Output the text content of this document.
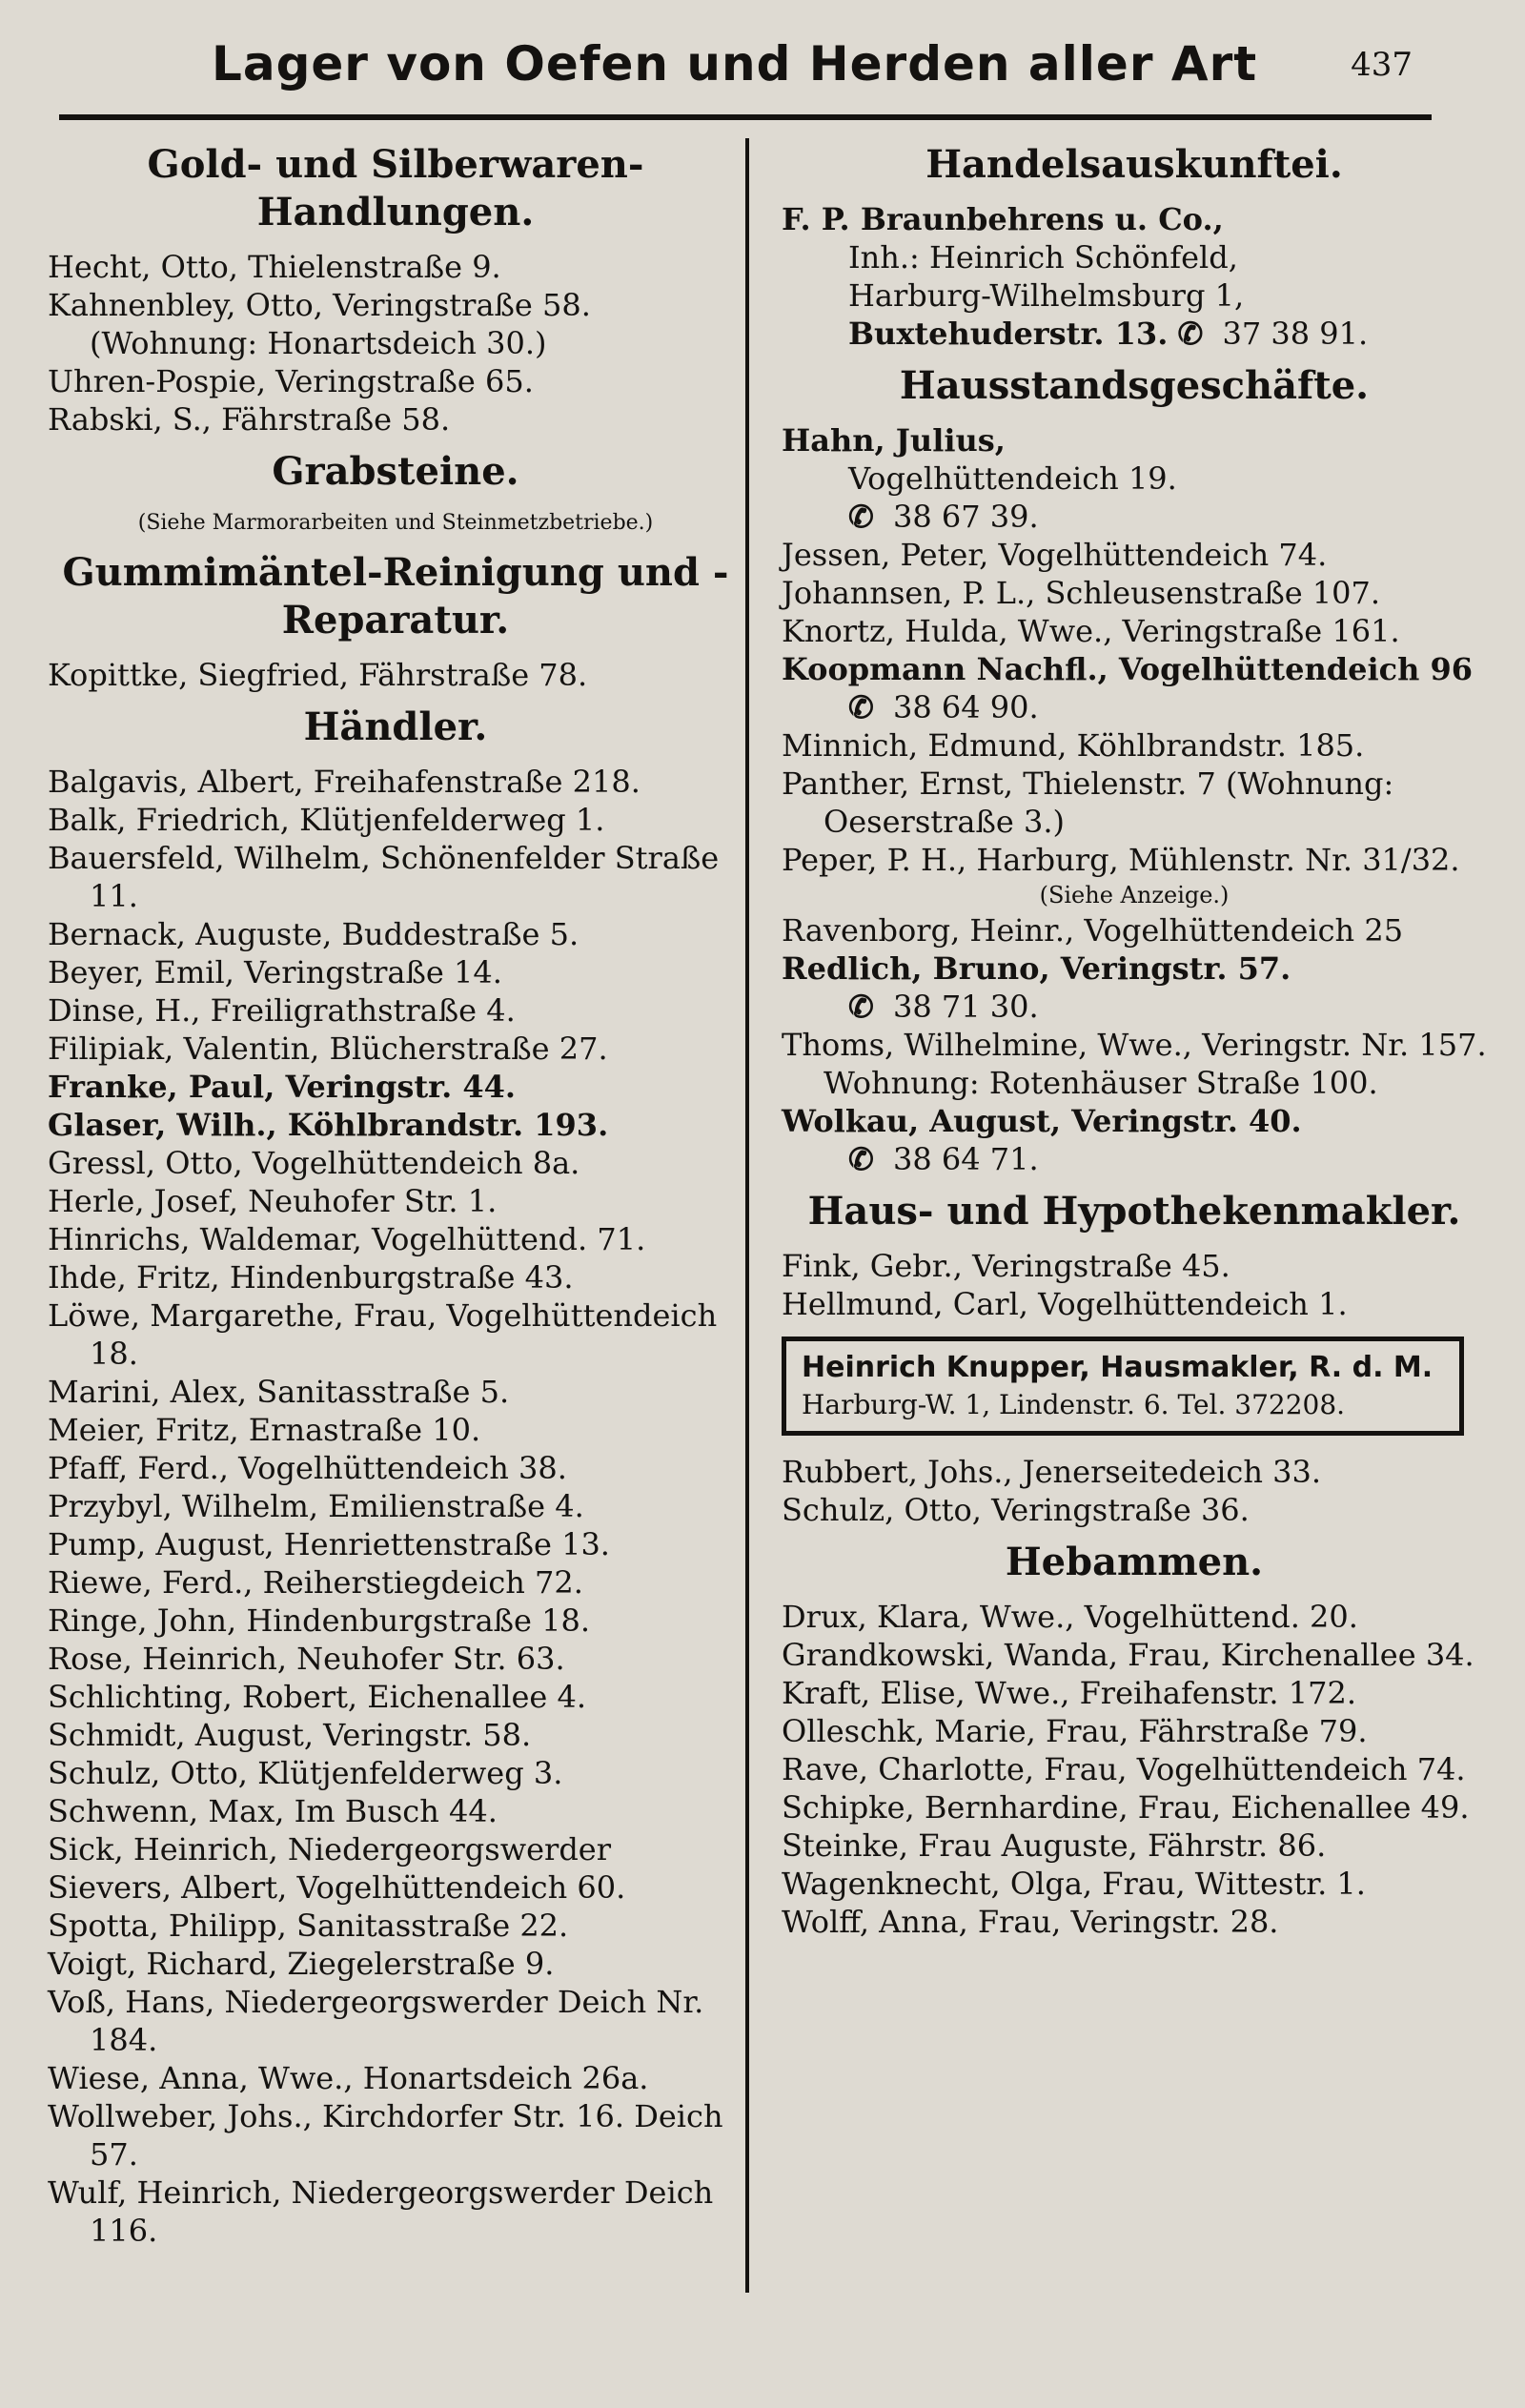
Lager von Oefen und Herden aller Art	437
Gold- und Silberwaren-Handlungen.
Hecht, Otto, Thielenstraße 9.
Kahnenbley, Otto, Veringstraße 58. (Wohnung: Honartsdeich 30.)
Uhren-Pospie, Veringstraße 65.
Rabski, S., Fährstraße 58.
Grabsteine.
(Siehe Marmorarbeiten und Steinmetzbetriebe.)
Gummimäntel-Reinigung und -Reparatur.
Kopittke, Siegfried, Fährstraße 78.
Händler.
Balgavis, Albert, Freihafenstraße 218.
Balk, Friedrich, Klütjenfelderweg 1.
Bauersfeld, Wilhelm, Schönenfelder Straße 11.
Bernack, Auguste, Buddestraße 5.
Beyer, Emil, Veringstraße 14.
Dinse, H., Freiligrathstraße 4.
Filipiak, Valentin, Blücherstraße 27.
Franke, Paul, Veringstr. 44.
Glaser, Wilh., Köhlbrandstr. 193.
Gressl, Otto, Vogelhüttendeich 8a.
Herle, Josef, Neuhofer Str. 1.
Hinrichs, Waldemar, Vogelhüttend. 71.
Ihde, Fritz, Hindenburgstraße 43.
Löwe, Margarethe, Frau, Vogelhüttendeich 18.
Marini, Alex, Sanitasstraße 5.
Meier, Fritz, Ernastraße 10.
Pfaff, Ferd., Vogelhüttendeich 38.
Przybyl, Wilhelm, Emilienstraße 4.
Pump, August, Henriettenstraße 13.
Riewe, Ferd., Reiherstiegdeich 72.
Ringe, John, Hindenburgstraße 18.
Rose, Heinrich, Neuhofer Str. 63.
Schlichting, Robert, Eichenallee 4.
Schmidt, August, Veringstr. 58.
Schulz, Otto, Klütjenfelderweg 3.
Schwenn, Max, Im Busch 44.
Sick, Heinrich, Niedergeorgswerder
Sievers, Albert, Vogelhüttendeich 60.
Spotta, Philipp, Sanitasstraße 22.
Voigt, Richard, Ziegelerstraße 9.
Voß, Hans, Niedergeorgswerder Deich Nr. 184.
Wiese, Anna, Wwe., Honartsdeich 26a.
Wollweber, Johs., Kirchdorfer Str. 16. Deich 57.
Wulf, Heinrich, Niedergeorgswerder Deich 116.
Handelsauskunftei.
F. P. Braunbehrens u. Co.,
Inh.: Heinrich Schönfeld,
Harburg-Wilhelmsburg 1,
Buxtehuderstr. 13. ✆ 37 38 91.
Hausstandsgeschäfte.
Hahn, Julius,
Vogelhüttendeich 19.
✆ 38 67 39.
Jessen, Peter, Vogelhüttendeich 74.
Johannsen, P. L., Schleusenstraße 107.
Knortz, Hulda, Wwe., Veringstraße 161.
Koopmann Nachfl., Vogelhüttendeich 96
✆ 38 64 90.
Minnich, Edmund, Köhlbrandstr. 185.
Panther, Ernst, Thielenstr. 7 (Wohnung: Oeserstraße 3.)
Peper, P. H., Harburg, Mühlenstr. Nr. 31/32.
(Siehe Anzeige.)
Ravenborg, Heinr., Vogelhüttendeich 25
Redlich, Bruno, Veringstr. 57.
✆ 38 71 30.
Thoms, Wilhelmine, Wwe., Veringstr. Nr. 157. Wohnung: Rotenhäuser Straße 100.
Wolkau, August, Veringstr. 40.
✆ 38 64 71.
Haus- und Hypothekenmakler.
Fink, Gebr., Veringstraße 45.
Hellmund, Carl, Vogelhüttendeich 1.
Heinrich Knupper, Hausmakler, R. d. M.
Harburg-W. 1, Lindenstr. 6. Tel. 372208.
Rubbert, Johs., Jenerseitedeich 33.
Schulz, Otto, Veringstraße 36.
Hebammen.
Drux, Klara, Wwe., Vogelhüttend. 20.
Grandkowski, Wanda, Frau, Kirchenallee 34.
Kraft, Elise, Wwe., Freihafenstr. 172.
Olleschk, Marie, Frau, Fährstraße 79.
Rave, Charlotte, Frau, Vogelhüttendeich 74.
Schipke, Bernhardine, Frau, Eichenallee 49.
Steinke, Frau Auguste, Fährstr. 86.
Wagenknecht, Olga, Frau, Wittestr. 1.
Wolff, Anna, Frau, Veringstr. 28.
